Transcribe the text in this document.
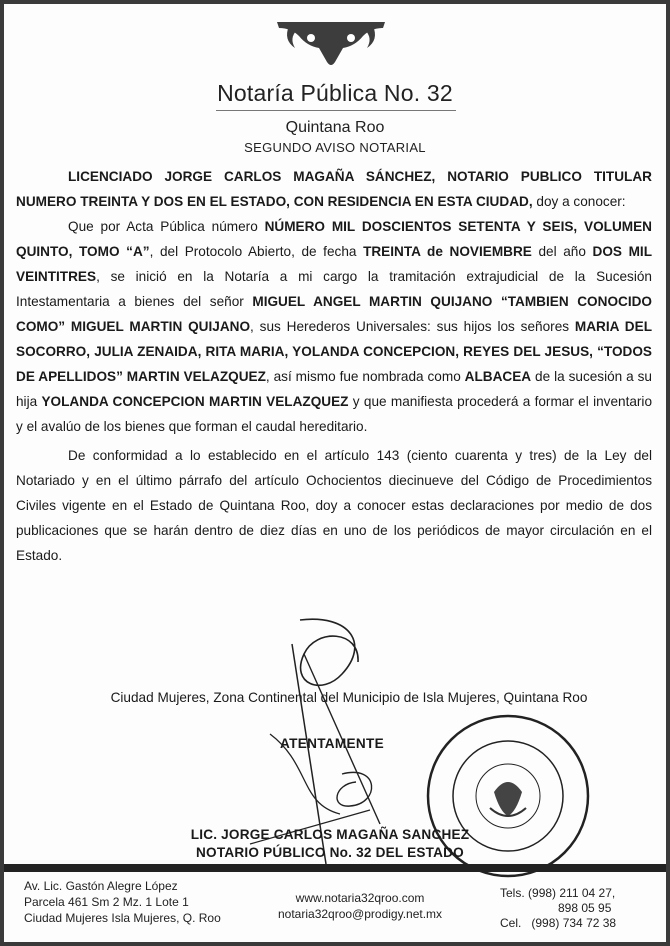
Notaría Pública No. 32
Quintana Roo
SEGUNDO AVISO NOTARIAL

LICENCIADO JORGE CARLOS MAGAÑA SÁNCHEZ, NOTARIO PUBLICO TITULAR NUMERO TREINTA Y DOS EN EL ESTADO, CON RESIDENCIA EN ESTA CIUDAD, doy a conocer:

Que por Acta Pública número NÚMERO MIL DOSCIENTOS SETENTA Y SEIS, VOLUMEN QUINTO, TOMO “A”, del Protocolo Abierto, de fecha TREINTA de NOVIEMBRE del año DOS MIL VEINTITRES, se inició en la Notaría a mi cargo la tramitación extrajudicial de la Sucesión Intestamentaria a bienes del señor MIGUEL ANGEL MARTIN QUIJANO “TAMBIEN CONOCIDO COMO” MIGUEL MARTIN QUIJANO, sus Herederos Universales: sus hijos los señores MARIA DEL SOCORRO, JULIA ZENAIDA, RITA MARIA, YOLANDA CONCEPCION, REYES DEL JESUS, “TODOS DE APELLIDOS” MARTIN VELAZQUEZ, así mismo fue nombrada como ALBACEA de la sucesión a su hija YOLANDA CONCEPCION MARTIN VELAZQUEZ y que manifiesta procederá a formar el inventario y el avalúo de los bienes que forman el caudal hereditario.

De conformidad a lo establecido en el artículo 143 (ciento cuarenta y tres) de la Ley del Notariado y en el último párrafo del artículo Ochocientos diecinueve del Código de Procedimientos Civiles vigente en el Estado de Quintana Roo, doy a conocer estas declaraciones por medio de dos publicaciones que se harán dentro de diez días en uno de los periódicos de mayor circulación en el Estado.

Ciudad Mujeres, Zona Continental del Municipio de Isla Mujeres, Quintana Roo
ATENTAMENTE
LIC. JORGE CARLOS MAGAÑA SANCHEZ
NOTARIO PÚBLICO No. 32 DEL ESTADO
Av. Lic. Gastón Alegre López
Parcela 461 Sm 2 Mz. 1 Lote 1
Ciudad Mujeres Isla Mujeres, Q. Roo
www.notaria32qroo.com
notaria32qroo@prodigy.net.mx
Tels. (998) 211 04 27,
898 05 95
Cel. (998) 734 72 38
